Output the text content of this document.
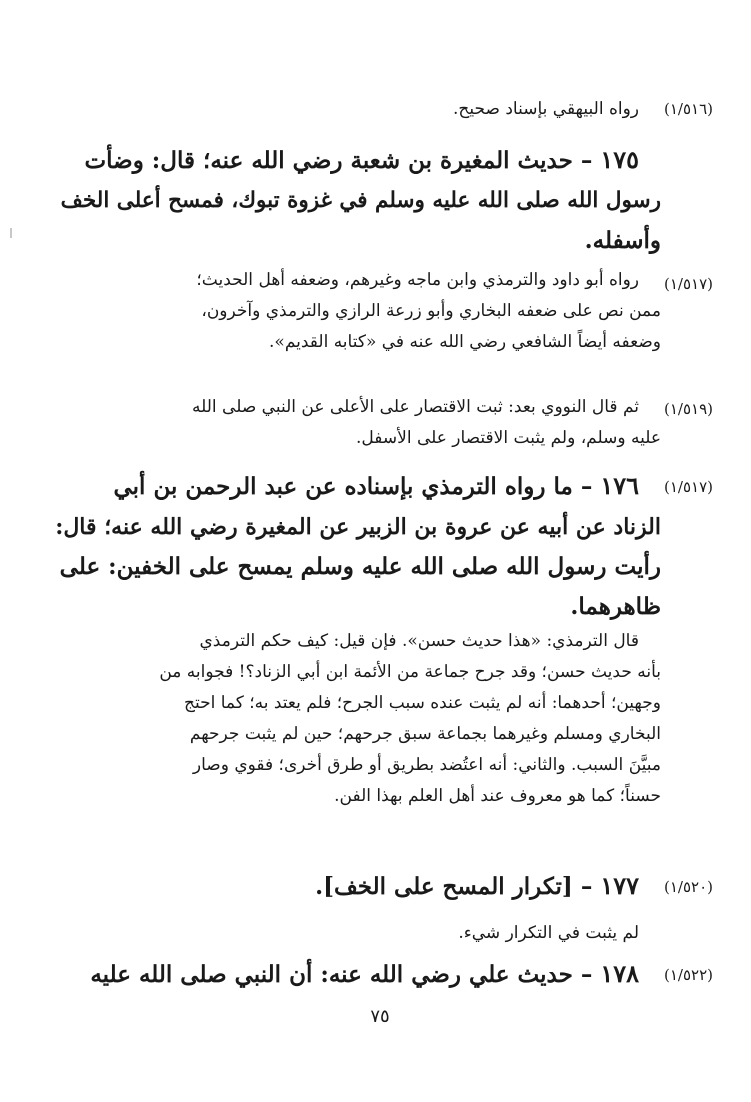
(١/٥١٦)
رواه البيهقي بإسناد صحيح.
١٧٥ – حديث المغيرة بن شعبة رضي الله عنه؛ قال: وضأت
رسول الله صلى الله عليه وسلم في غزوة تبوك، فمسح أعلى الخف
وأسفله.
(١/٥١٧)
رواه أبو داود والترمذي وابن ماجه وغيرهم، وضعفه أهل الحديث؛
ممن نص على ضعفه البخاري وأبو زرعة الرازي والترمذي وآخرون،
وضعفه أيضاً الشافعي رضي الله عنه في «كتابه القديم».
(١/٥١٩)
ثم قال النووي بعد: ثبت الاقتصار على الأعلى عن النبي صلى الله
عليه وسلم، ولم يثبت الاقتصار على الأسفل.
(١/٥١٧)
١٧٦ – ما رواه الترمذي بإسناده عن عبد الرحمن بن أبي
الزناد عن أبيه عن عروة بن الزبير عن المغيرة رضي الله عنه؛ قال:
رأيت رسول الله صلى الله عليه وسلم يمسح على الخفين: على
ظاهرهما.
قال الترمذي: «هذا حديث حسن». فإن قيل: كيف حكم الترمذي
بأنه حديث حسن؛ وقد جرح جماعة من الأئمة ابن أبي الزناد؟! فجوابه من
وجهين؛ أحدهما: أنه لم يثبت عنده سبب الجرح؛ فلم يعتد به؛ كما احتج
البخاري ومسلم وغيرهما بجماعة سبق جرحهم؛ حين لم يثبت جرحهم
مبيَّنَ السبب. والثاني: أنه اعتُضد بطريق أو طرق أخرى؛ فقوي وصار
حسناً؛ كما هو معروف عند أهل العلم بهذا الفن.
(١/٥٢٠)
١٧٧ – [تكرار المسح على الخف].
لم يثبت في التكرار شيء.
(١/٥٢٢)
١٧٨ – حديث علي رضي الله عنه: أن النبي صلى الله عليه
٧٥
